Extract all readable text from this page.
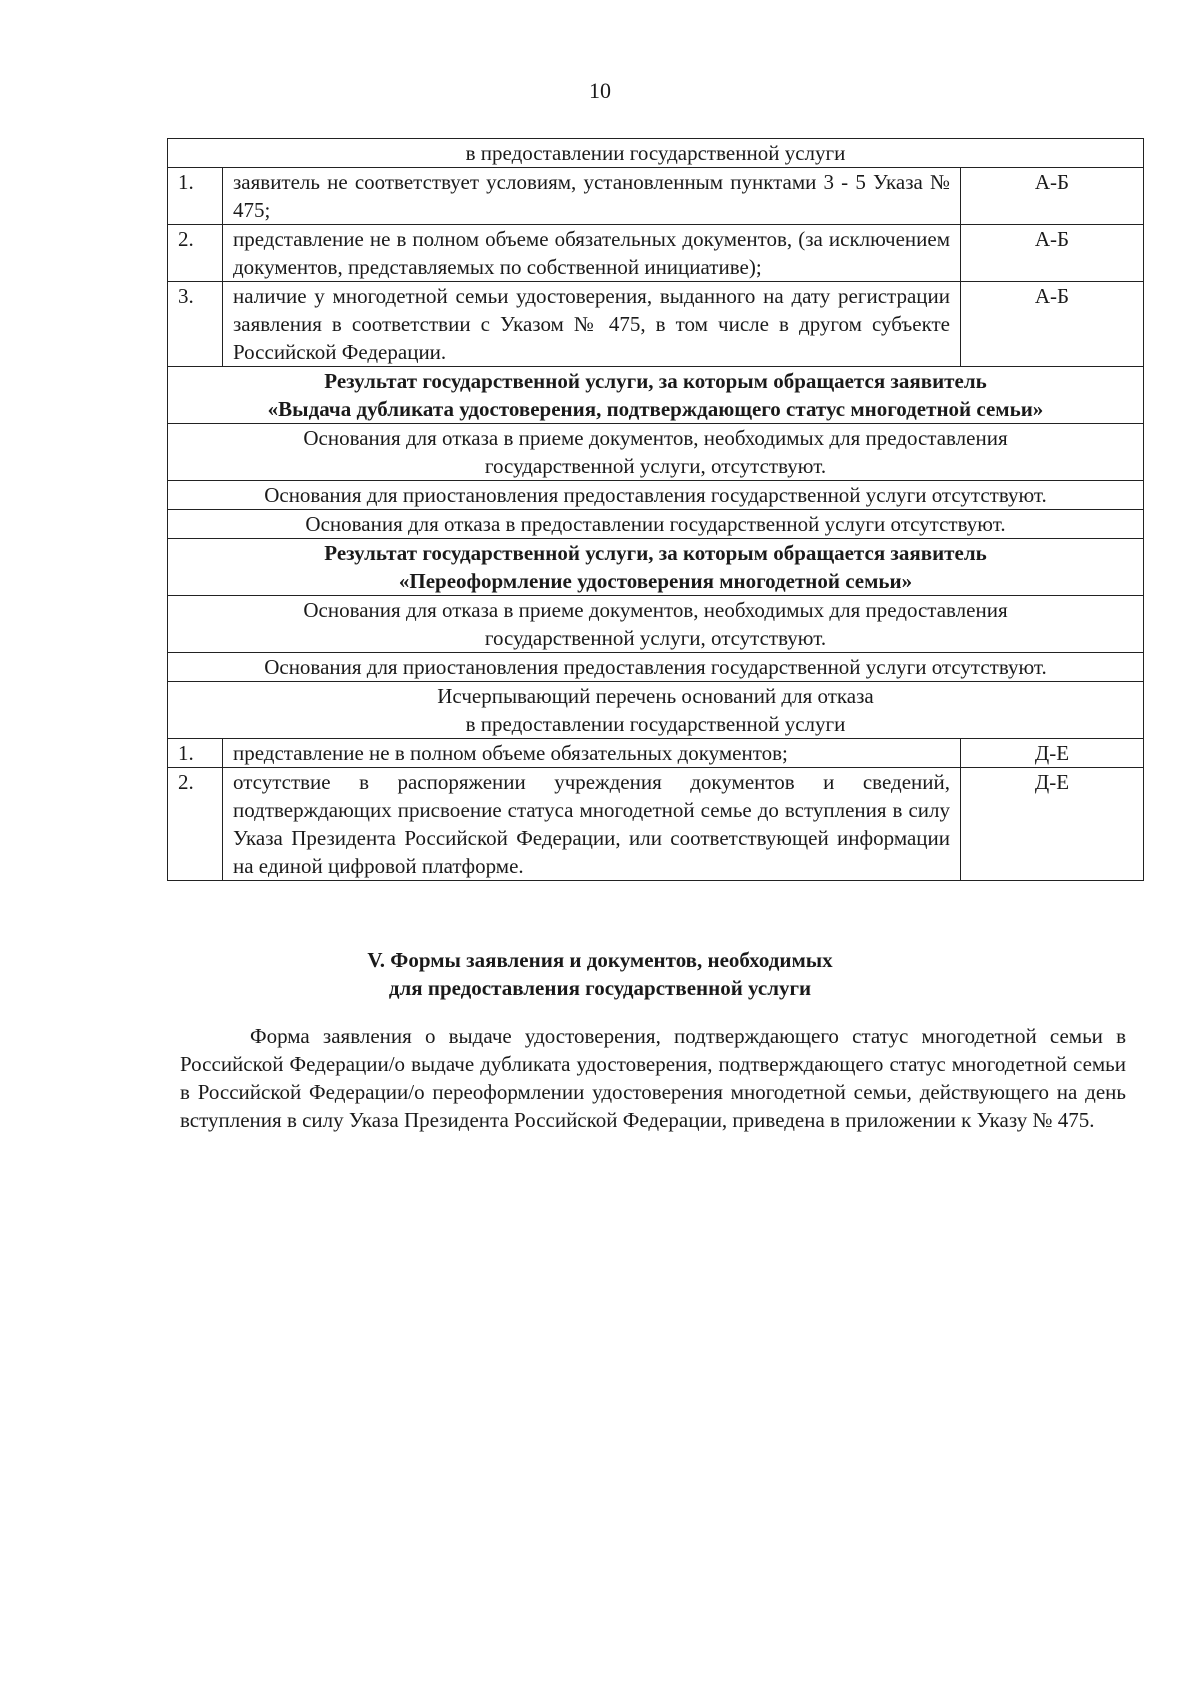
10
в предоставлении государственной услуги		
1.	заявитель не соответствует условиям, установленным пунктами 3 - 5 Указа № 475;	А-Б
2.	представление не в полном объеме обязательных документов, (за исключением документов, представляемых по собственной инициативе);	А-Б
3.	наличие у многодетной семьи удостоверения, выданного на дату регистрации заявления в соответствии с Указом № 475, в том числе в другом субъекте Российской Федерации.	А-Б

Результат государственной услуги, за которым обращается заявитель
«Выдача дубликата удостоверения, подтверждающего статус многодетной семьи»		

Основания для отказа в приеме документов, необходимых для предоставления
государственной услуги, отсутствуют.		

Основания для приостановления предоставления государственной услуги отсутствуют.		
Основания для отказа в предоставлении государственной услуги отсутствуют.		

Результат государственной услуги, за которым обращается заявитель
«Переоформление удостоверения многодетной семьи»		

Основания для отказа в приеме документов, необходимых для предоставления
государственной услуги, отсутствуют.		

Основания для приостановления предоставления государственной услуги отсутствуют.		

Исчерпывающий перечень оснований для отказа
в предоставлении государственной услуги		

1.	представление не в полном объеме обязательных документов;	Д-Е
2.	отсутствие в распоряжении учреждения документов и сведений, подтверждающих присвоение статуса многодетной семье до вступления в силу Указа Президента Российской Федерации, или соответствующей информации на единой цифровой платформе.	Д-Е
V. Формы заявления и документов, необходимых
для предоставления государственной услуги
Форма заявления о выдаче удостоверения, подтверждающего статус многодетной семьи в Российской Федерации/о выдаче дубликата удостоверения, подтверждающего статус многодетной семьи в Российской Федерации/о переоформлении удостоверения многодетной семьи, действующего на день вступления в силу Указа Президента Российской Федерации, приведена в приложении к Указу № 475.
